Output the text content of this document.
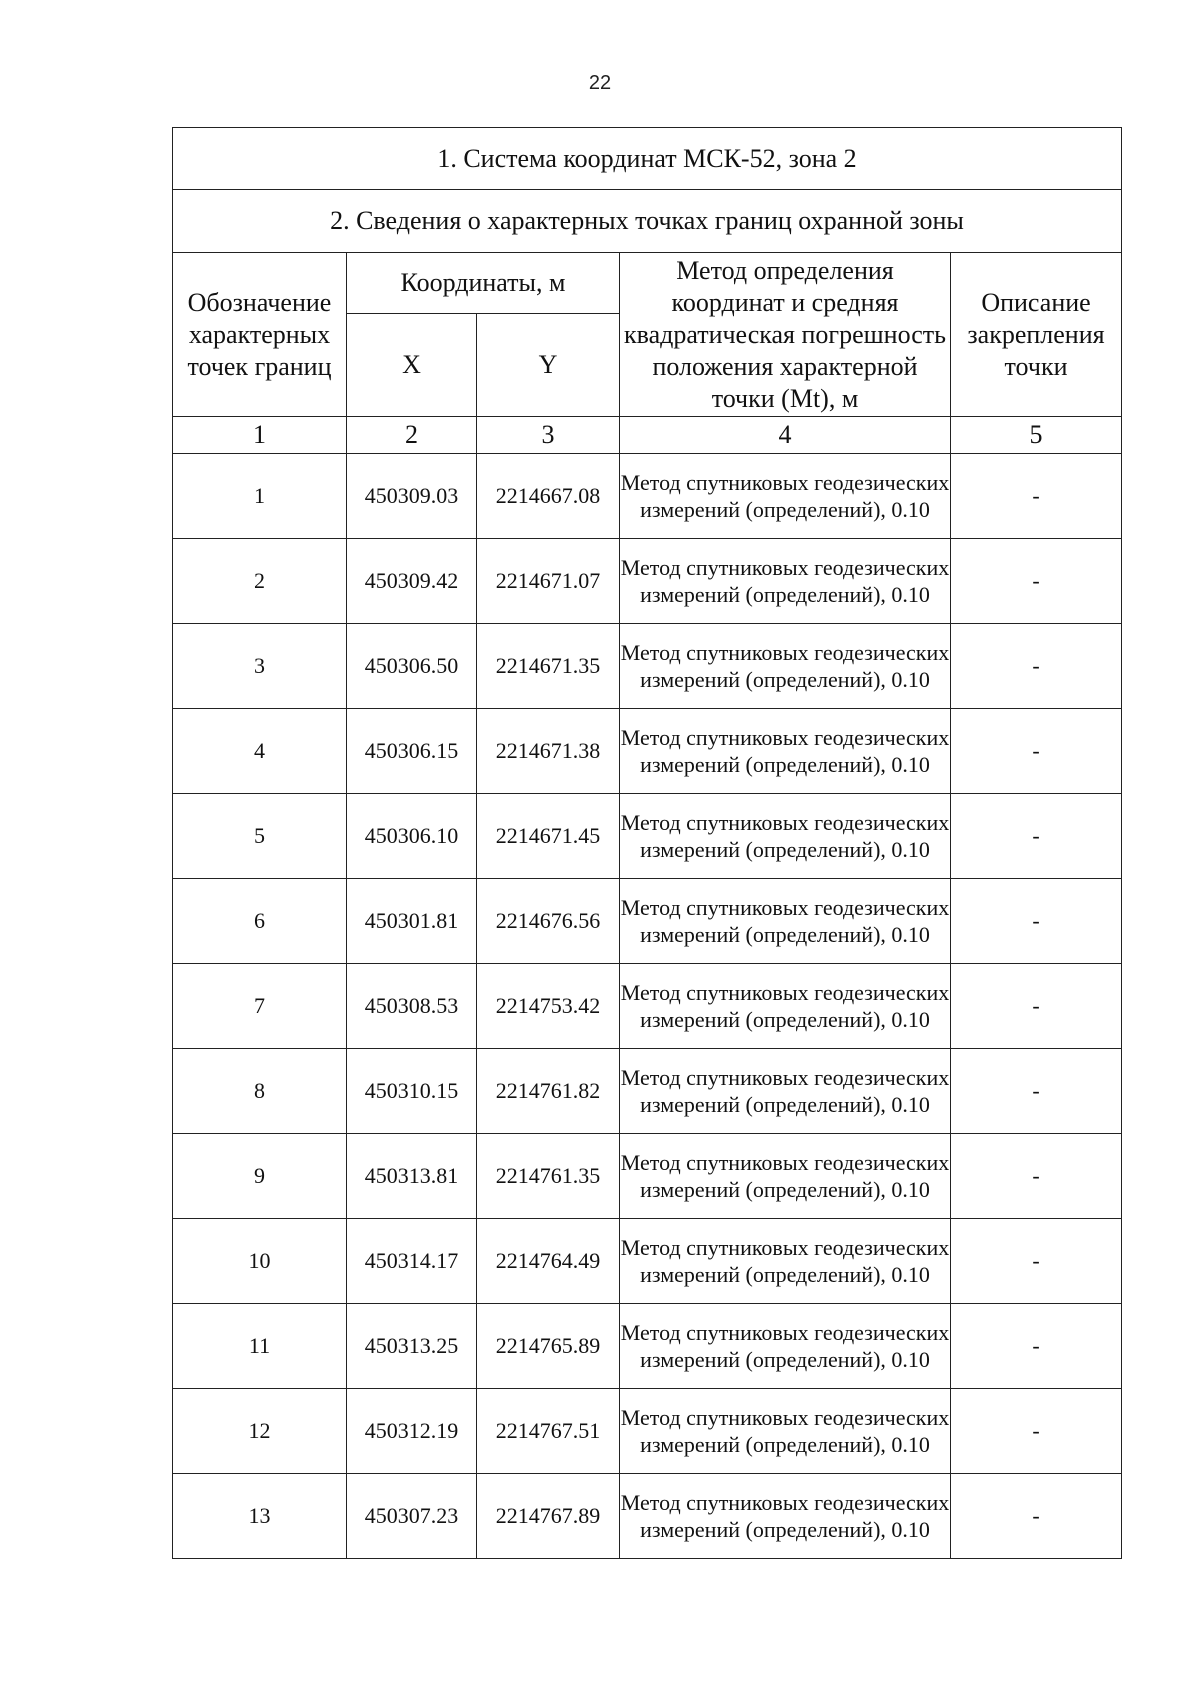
22
1. Система координат МСК-52, зона 2				
2. Сведения о характерных точках границ охранной зоны				
Обозначение характерных точек границ	Координаты, м		Метод определения координат и средняя квадратическая погрешность положения характерной точки (Mt), м	Описание закрепления точки
	X	Y		
1	2	3	4	5
1	450309.03	2214667.08	Метод спутниковых геодезических измерений (определений), 0.10	-
2	450309.42	2214671.07	Метод спутниковых геодезических измерений (определений), 0.10	-
3	450306.50	2214671.35	Метод спутниковых геодезических измерений (определений), 0.10	-
4	450306.15	2214671.38	Метод спутниковых геодезических измерений (определений), 0.10	-
5	450306.10	2214671.45	Метод спутниковых геодезических измерений (определений), 0.10	-
6	450301.81	2214676.56	Метод спутниковых геодезических измерений (определений), 0.10	-
7	450308.53	2214753.42	Метод спутниковых геодезических измерений (определений), 0.10	-
8	450310.15	2214761.82	Метод спутниковых геодезических измерений (определений), 0.10	-
9	450313.81	2214761.35	Метод спутниковых геодезических измерений (определений), 0.10	-
10	450314.17	2214764.49	Метод спутниковых геодезических измерений (определений), 0.10	-
11	450313.25	2214765.89	Метод спутниковых геодезических измерений (определений), 0.10	-
12	450312.19	2214767.51	Метод спутниковых геодезических измерений (определений), 0.10	-
13	450307.23	2214767.89	Метод спутниковых геодезических измерений (определений), 0.10	-
